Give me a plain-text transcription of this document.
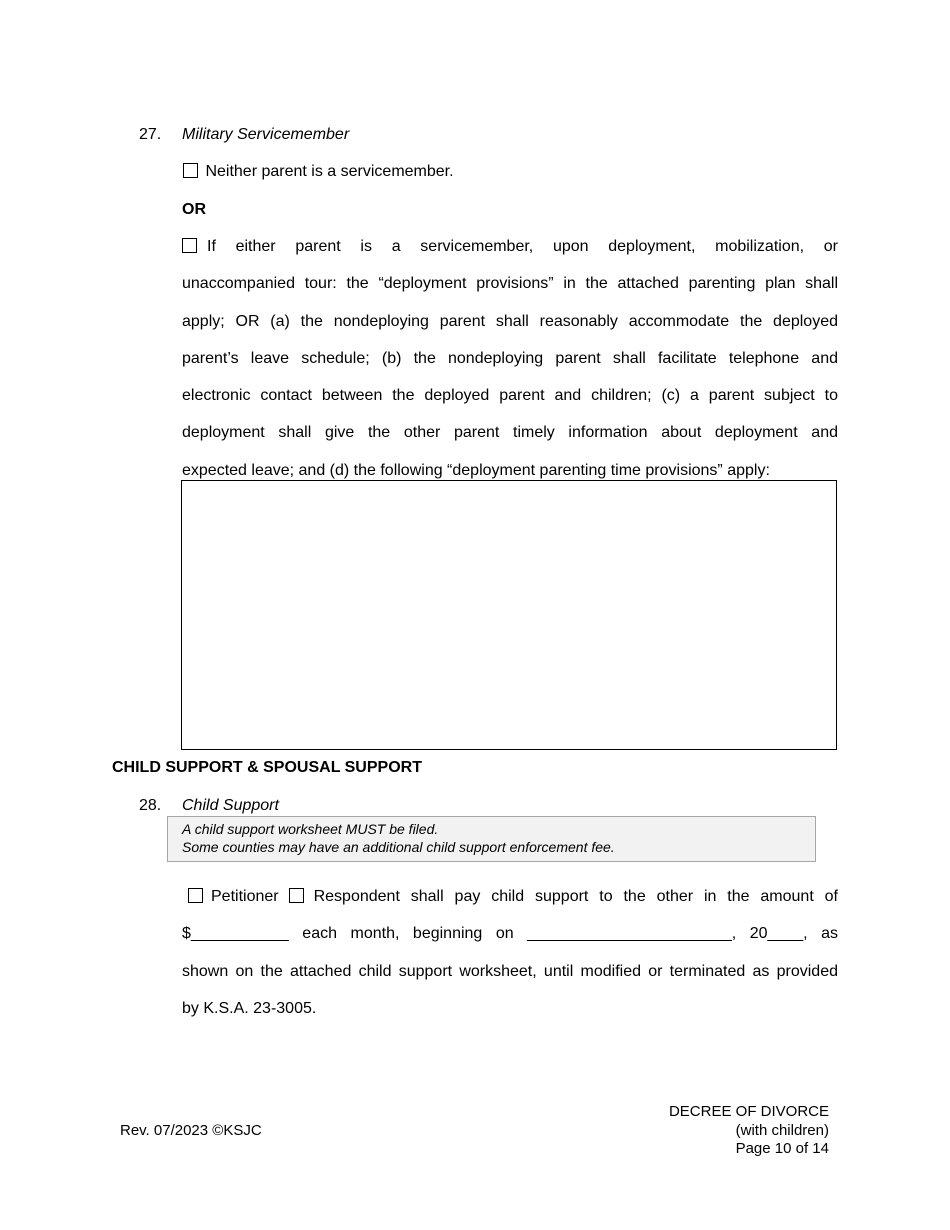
27. Military Servicemember
Neither parent is a servicemember.
OR
If either parent is a servicemember, upon deployment, mobilization, or
unaccompanied tour: the “deployment provisions” in the attached parenting plan shall
apply; OR (a) the nondeploying parent shall reasonably accommodate the deployed
parent’s leave schedule; (b) the nondeploying parent shall facilitate telephone and
electronic contact between the deployed parent and children; (c) a parent subject to
deployment shall give the other parent timely information about deployment and
expected leave; and (d) the following “deployment parenting time provisions” apply:
CHILD SUPPORT & SPOUSAL SUPPORT
28. Child Support
A child support worksheet MUST be filed.
Some counties may have an additional child support enforcement fee.
Petitioner Respondent shall pay child support to the other in the amount of
$___________ each month, beginning on _______________________, 20____, as
shown on the attached child support worksheet, until modified or terminated as provided
by K.S.A. 23-3005.
Rev. 07/2023 ©KSJC
DECREE OF DIVORCE
(with children)
Page 10 of 14
